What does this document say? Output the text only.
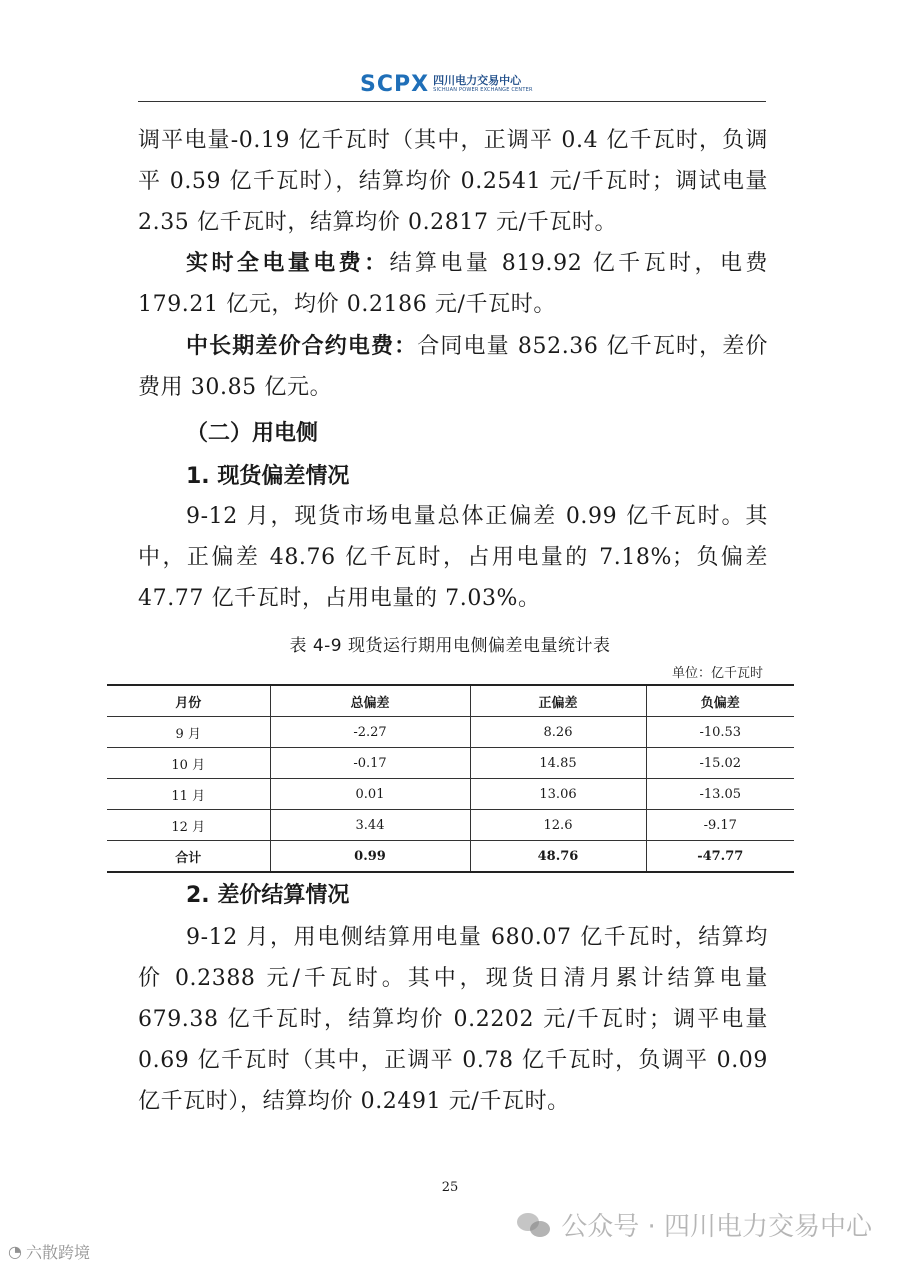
SCPX 四川电力交易中心
SICHUAN POWER EXCHANGE CENTER
调平电量-0.19 亿千瓦时（其中，正调平 0.4 亿千瓦时，负调平 0.59 亿千瓦时），结算均价 0.2541 元/千瓦时；调试电量 2.35 亿千瓦时，结算均价 0.2817 元/千瓦时。
实时全电量电费：结算电量 819.92 亿千瓦时，电费 179.21 亿元，均价 0.2186 元/千瓦时。
中长期差价合约电费：合同电量 852.36 亿千瓦时，差价费用 30.85 亿元。
（二）用电侧
1. 现货偏差情况
9-12 月，现货市场电量总体正偏差 0.99 亿千瓦时。其中，正偏差 48.76 亿千瓦时，占用电量的 7.18%；负偏差 47.77 亿千瓦时，占用电量的 7.03%。
表 4-9 现货运行期用电侧偏差电量统计表
单位：亿千瓦时
月份	总偏差	正偏差	负偏差
9 月	-2.27	8.26	-10.53
10 月	-0.17	14.85	-15.02
11 月	0.01	13.06	-13.05
12 月	3.44	12.6	-9.17
合计	0.99	48.76	-47.77
2. 差价结算情况
9-12 月，用电侧结算用电量 680.07 亿千瓦时，结算均价 0.2388 元/千瓦时。其中，现货日清月累计结算电量 679.38 亿千瓦时，结算均价 0.2202 元/千瓦时；调平电量 0.69 亿千瓦时（其中，正调平 0.78 亿千瓦时，负调平 0.09 亿千瓦时），结算均价 0.2491 元/千瓦时。
25
公众号 · 四川电力交易中心
◔ 六散跨境
